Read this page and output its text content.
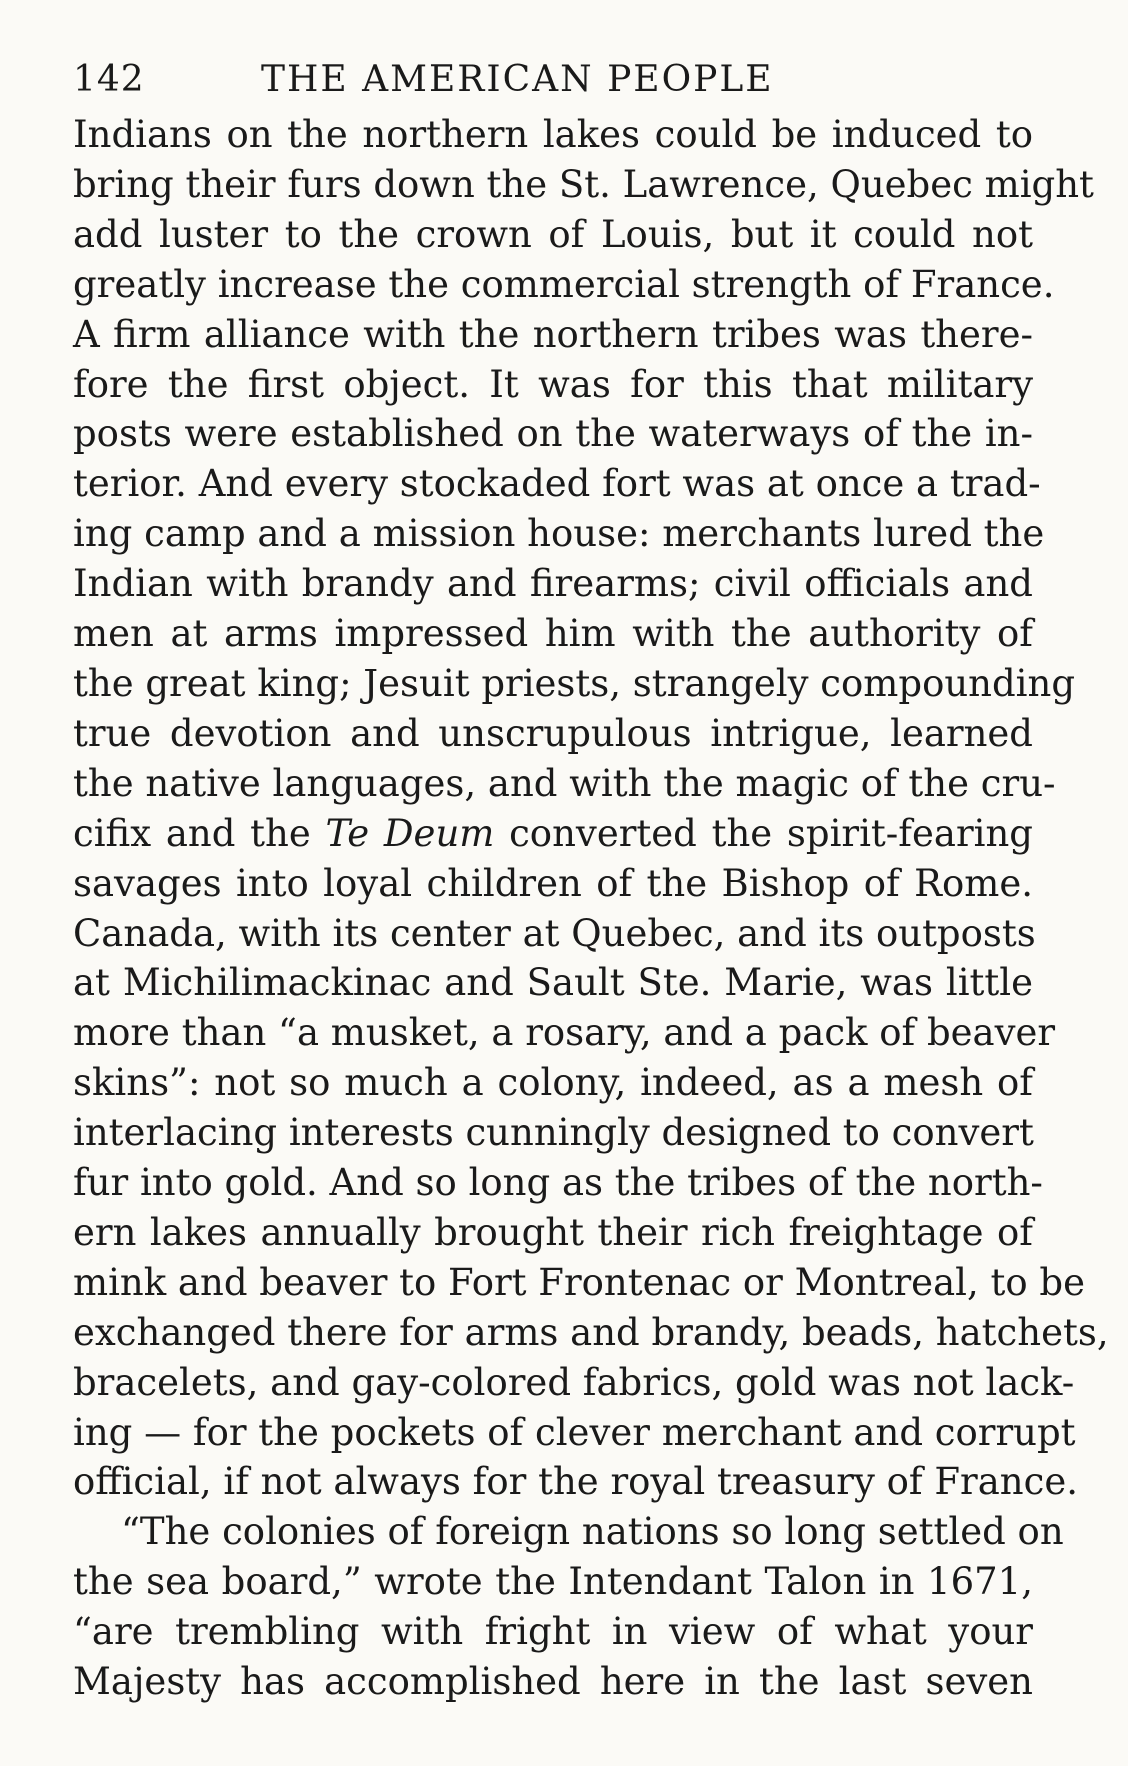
142	THE AMERICAN PEOPLE
Indians on the northern lakes could be induced to
bring their furs down the St. Lawrence, Quebec might
add luster to the crown of Louis, but it could not
greatly increase the commercial strength of France.
A firm alliance with the northern tribes was there-
fore the first object. It was for this that military
posts were established on the waterways of the in-
terior. And every stockaded fort was at once a trad-
ing camp and a mission house: merchants lured the
Indian with brandy and firearms; civil officials and
men at arms impressed him with the authority of
the great king; Jesuit priests, strangely compounding
true devotion and unscrupulous intrigue, learned
the native languages, and with the magic of the cru-
cifix and the Te Deum converted the spirit-fearing
savages into loyal children of the Bishop of Rome.
Canada, with its center at Quebec, and its outposts
at Michilimackinac and Sault Ste. Marie, was little
more than “a musket, a rosary, and a pack of beaver
skins”: not so much a colony, indeed, as a mesh of
interlacing interests cunningly designed to convert
fur into gold. And so long as the tribes of the north-
ern lakes annually brought their rich freightage of
mink and beaver to Fort Frontenac or Montreal, to be
exchanged there for arms and brandy, beads, hatchets,
bracelets, and gay-colored fabrics, gold was not lack-
ing — for the pockets of clever merchant and corrupt
official, if not always for the royal treasury of France.
“The colonies of foreign nations so long settled on
the sea board,” wrote the Intendant Talon in 1671,
“are trembling with fright in view of what your
Majesty has accomplished here in the last seven
